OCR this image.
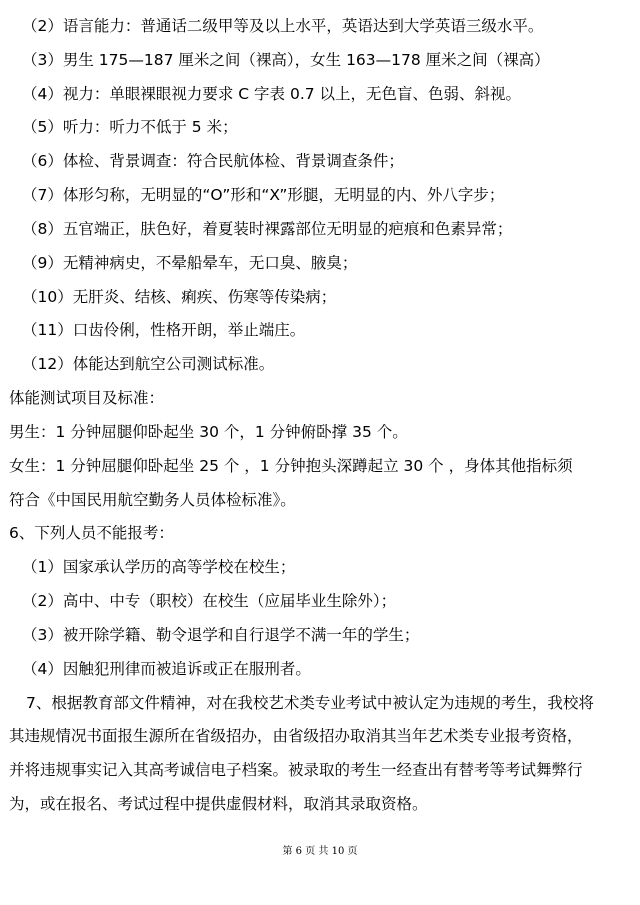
（2）语言能力：普通话二级甲等及以上水平，英语达到大学英语三级水平。

（3）男生 175—187 厘米之间（裸高），女生 163—178 厘米之间（裸高）

（4）视力：单眼裸眼视力要求 C 字表 0.7 以上，无色盲、色弱、斜视。

（5）听力：听力不低于 5 米；

（6）体检、背景调查：符合民航体检、背景调查条件；

（7）体形匀称，无明显的“O”形和“X”形腿，无明显的内、外八字步；

（8）五官端正，肤色好，着夏装时裸露部位无明显的疤痕和色素异常；

（9）无精神病史，不晕船晕车，无口臭、腋臭；

（10）无肝炎、结核、痢疾、伤寒等传染病；

（11）口齿伶俐，性格开朗，举止端庄。

（12）体能达到航空公司测试标准。

体能测试项目及标准：

男生：1 分钟屈腿仰卧起坐 30 个，1 分钟俯卧撑 35 个。

女生：1 分钟屈腿仰卧起坐 25 个 ，1 分钟抱头深蹲起立 30 个 ，身体其他指标须

符合《中国民用航空勤务人员体检标准》。

6、下列人员不能报考：

（1）国家承认学历的高等学校在校生；

（2）高中、中专（职校）在校生（应届毕业生除外）；

（3）被开除学籍、勒令退学和自行退学不满一年的学生；

（4）因触犯刑律而被追诉或正在服刑者。

7、根据教育部文件精神，对在我校艺术类专业考试中被认定为违规的考生，我校将

其违规情况书面报生源所在省级招办，由省级招办取消其当年艺术类专业报考资格，

并将违规事实记入其高考诚信电子档案。被录取的考生一经查出有替考等考试舞弊行

为，或在报名、考试过程中提供虚假材料，取消其录取资格。

第 6 页 共 10 页
